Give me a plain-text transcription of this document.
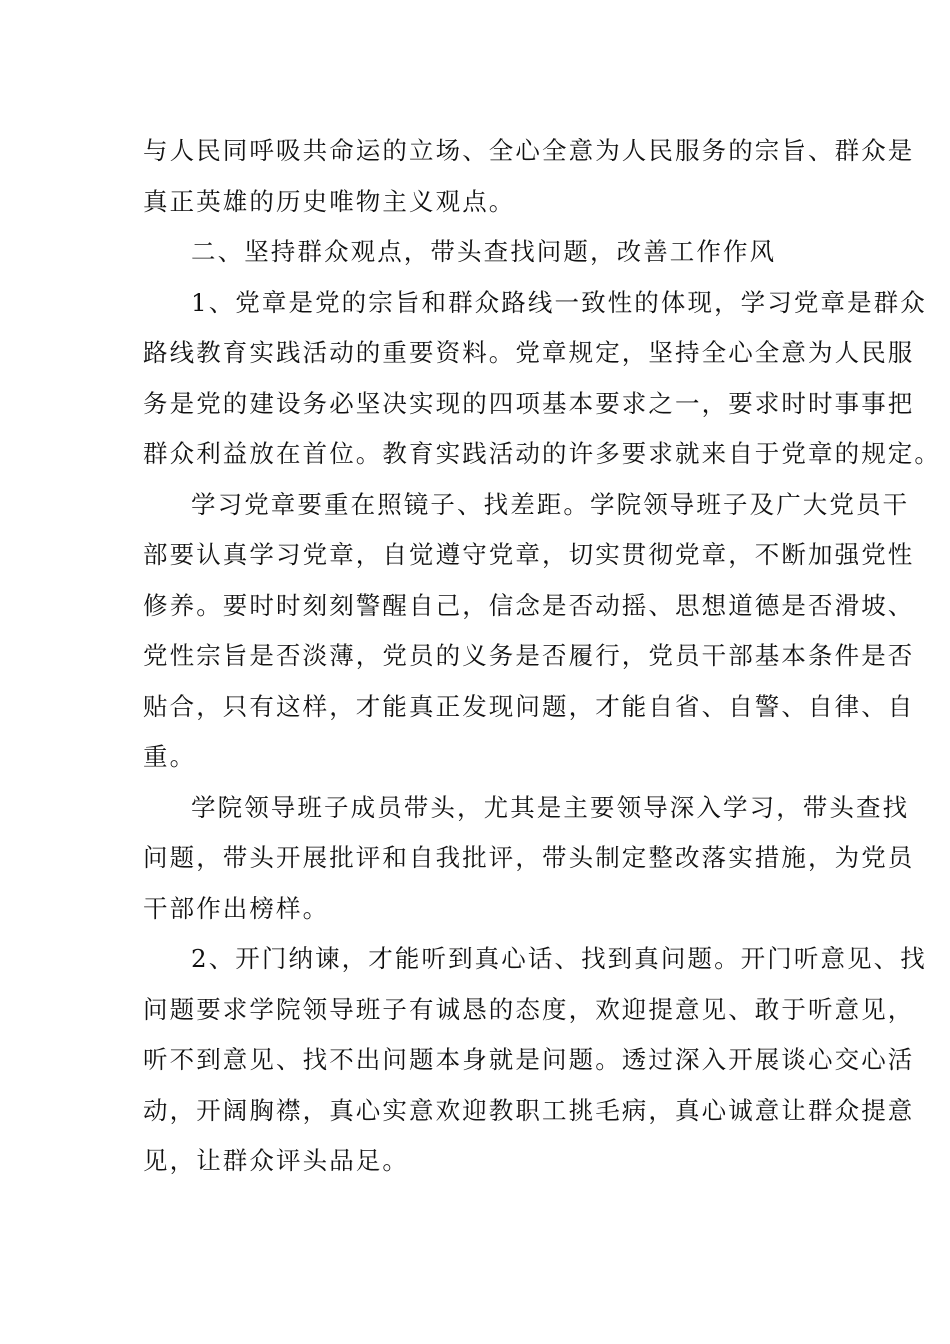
与人民同呼吸共命运的立场、全心全意为人民服务的宗旨、群众是
真正英雄的历史唯物主义观点。
二、坚持群众观点，带头查找问题，改善工作作风
1、党章是党的宗旨和群众路线一致性的体现，学习党章是群众
路线教育实践活动的重要资料。党章规定，坚持全心全意为人民服
务是党的建设务必坚决实现的四项基本要求之一，要求时时事事把
群众利益放在首位。教育实践活动的许多要求就来自于党章的规定。
学习党章要重在照镜子、找差距。学院领导班子及广大党员干
部要认真学习党章，自觉遵守党章，切实贯彻党章，不断加强党性
修养。要时时刻刻警醒自己，信念是否动摇、思想道德是否滑坡、
党性宗旨是否淡薄，党员的义务是否履行，党员干部基本条件是否
贴合，只有这样，才能真正发现问题，才能自省、自警、自律、自
重。
学院领导班子成员带头，尤其是主要领导深入学习，带头查找
问题，带头开展批评和自我批评，带头制定整改落实措施，为党员
干部作出榜样。
2、开门纳谏，才能听到真心话、找到真问题。开门听意见、找
问题要求学院领导班子有诚恳的态度，欢迎提意见、敢于听意见，
听不到意见、找不出问题本身就是问题。透过深入开展谈心交心活
动，开阔胸襟，真心实意欢迎教职工挑毛病，真心诚意让群众提意
见，让群众评头品足。
